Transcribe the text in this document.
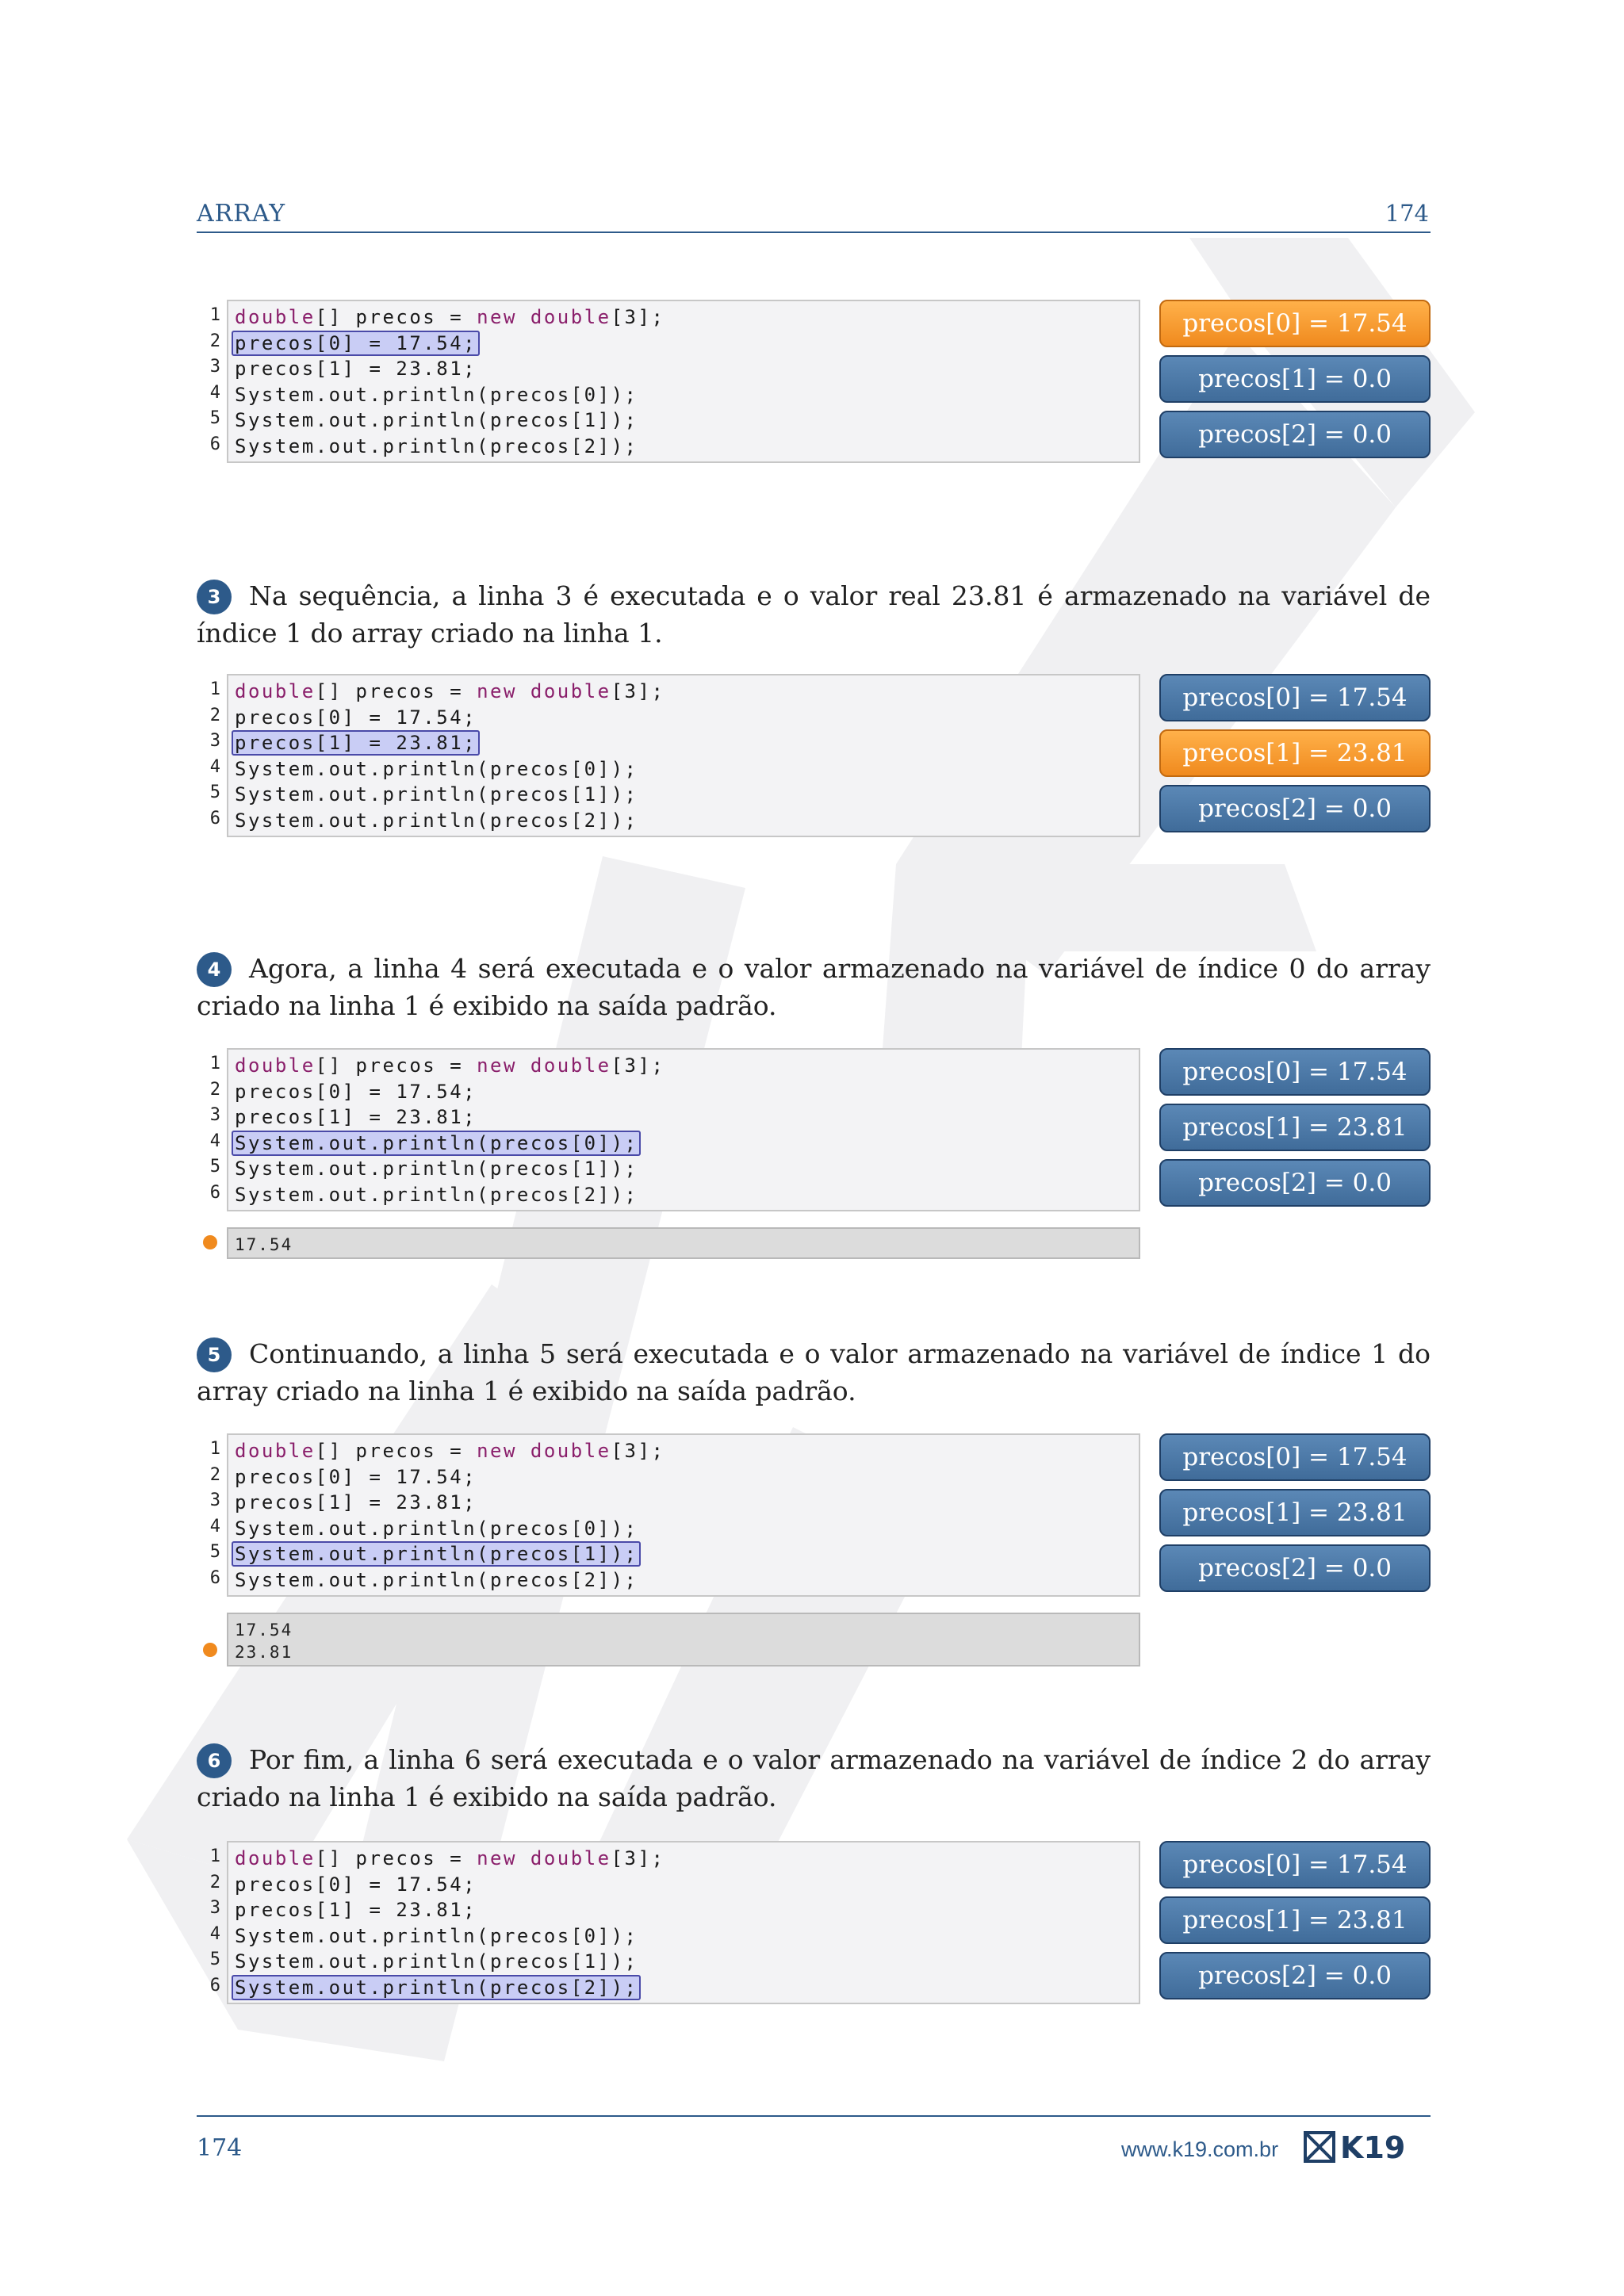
ARRAY	174
1
2
3
4
5
6
double[] precos = new double[3];
precos[0] = 17.54;
precos[1] = 23.81;
System.out.println(precos[0]);
System.out.println(precos[1]);
System.out.println(precos[2]);
precos[0] = 17.54
precos[1] = 0.0
precos[2] = 0.0
3 Na sequência, a linha 3 é executada e o valor real 23.81 é armazenado na variável de índice 1 do array criado na linha 1.
1
2
3
4
5
6
double[] precos = new double[3];
precos[0] = 17.54;
precos[1] = 23.81;
System.out.println(precos[0]);
System.out.println(precos[1]);
System.out.println(precos[2]);
precos[0] = 17.54
precos[1] = 23.81
precos[2] = 0.0
4 Agora, a linha 4 será executada e o valor armazenado na variável de índice 0 do array criado na linha 1 é exibido na saída padrão.
1
2
3
4
5
6
double[] precos = new double[3];
precos[0] = 17.54;
precos[1] = 23.81;
System.out.println(precos[0]);
System.out.println(precos[1]);
System.out.println(precos[2]);
precos[0] = 17.54
precos[1] = 23.81
precos[2] = 0.0
17.54
5 Continuando, a linha 5 será executada e o valor armazenado na variável de índice 1 do array criado na linha 1 é exibido na saída padrão.
1
2
3
4
5
6
double[] precos = new double[3];
precos[0] = 17.54;
precos[1] = 23.81;
System.out.println(precos[0]);
System.out.println(precos[1]);
System.out.println(precos[2]);
precos[0] = 17.54
precos[1] = 23.81
precos[2] = 0.0
17.54
23.81
6 Por fim, a linha 6 será executada e o valor armazenado na variável de índice 2 do array criado na linha 1 é exibido na saída padrão.
1
2
3
4
5
6
double[] precos = new double[3];
precos[0] = 17.54;
precos[1] = 23.81;
System.out.println(precos[0]);
System.out.println(precos[1]);
System.out.println(precos[2]);
precos[0] = 17.54
precos[1] = 23.81
precos[2] = 0.0
174	www.k19.com.br K19
